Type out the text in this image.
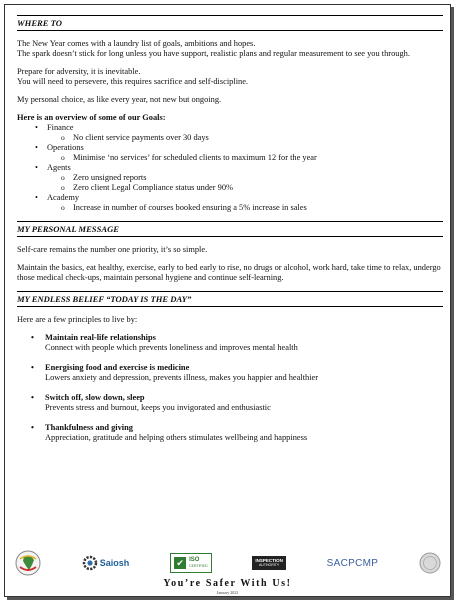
WHERE TO

The New Year comes with a laundry list of goals, ambitions and hopes.
The spark doesn’t stick for long unless you have support, realistic plans and regular measurement to see you through.

Prepare for adversity, it is inevitable.
You will need to persevere, this requires sacrifice and self-discipline.

My personal choice, as like every year, not new but ongoing.

Here is an overview of some of our Goals:
• Finance
o No client service payments over 30 days
• Operations
o Minimise ‘no services’ for scheduled clients to maximum 12 for the year
• Agents
o Zero unsigned reports
o Zero client Legal Compliance status under 90%
• Academy
o Increase in number of courses booked ensuring a 5% increase in sales
MY PERSONAL MESSAGE

Self-care remains the number one priority, it’s so simple.

Maintain the basics, eat healthy, exercise, early to bed early to rise, no drugs or alcohol, work hard, take time to relax, undergo those medical check-ups, maintain personal hygiene and continue self-learning.

MY ENDLESS BELIEF “TODAY IS THE DAY”

Here are a few principles to live by:

• Maintain real-life relationships
Connect with people which prevents loneliness and improves mental health
• Energising food and exercise is medicine
Lowers anxiety and depression, prevents illness, makes you happier and healthier
• Switch off, slow down, sleep
Prevents stress and burnout, keeps you invigorated and enthusiastic
• Thankfulness and giving
Appreciation, gratitude and helping others stimulates wellbeing and happiness
Saiosh	✔ ISO
CERTIFIED
INSPECTION
AUTHORITY	SACPCMP
You’re Safer With Us!
January 2023
